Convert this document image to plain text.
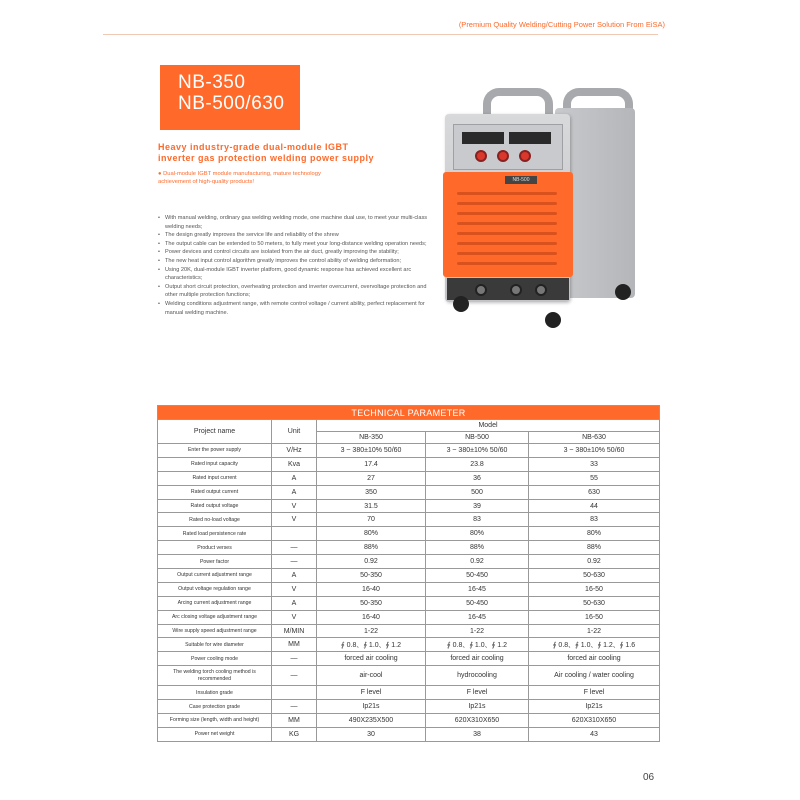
(Premium Quality Welding/Cutting Power Solution From EiSA)
NB-350
NB-500/630
Heavy industry-grade dual-module IGBT
inverter gas protection welding power supply
● Dual-module IGBT module manufacturing, mature technology
achievement of high-quality products!
• With manual welding, ordinary gas welding welding mode, one machine dual use, to meet your multi-class welding needs;
• The design greatly improves the service life and reliability of the shrew
• The output cable can be extended to 50 meters, to fully meet your long-distance welding operation needs;
• Power devices and control circuits are isolated from the air duct, greatly improving the stability;
• The new heat input control algorithm greatly improves the control ability of welding deformation;
• Using 20K, dual-module IGBT inverter platform, good dynamic response has achieved excellent arc characteristics;
• Output short circuit protection, overheating protection and inverter overcurrent, overvoltage protection and other multiple protection functions;
• Welding conditions adjustment range, with remote control voltage / current ability, perfect replacement for manual welding machine.
NB-500
TECHNICAL PARAMETER				
Project name	Unit	Model		
		NB-350	NB-500	NB-630
Enter the power supply	V/Hz	3 ~ 380±10% 50/60	3 ~ 380±10% 50/60	3 ~ 380±10% 50/60
Rated input capacity	Kva	17.4	23.8	33
Rated input current	A	27	36	55
Rated output current	A	350	500	630
Rated output voltage	V	31.5	39	44
Rated no-load voltage	V	70	83	83
Rated load persistence rate		80%	80%	80%
Product verses	—	88%	88%	88%
Power factor	—	0.92	0.92	0.92
Output current adjustment range	A	50-350	50-450	50-630
Output voltage regulation range	V	16-40	16-45	16-50
Arcing current adjustment range	A	50-350	50-450	50-630
Arc closing voltage adjustment range	V	16-40	16-45	16-50
Wire supply speed adjustment range	M/MIN	1-22	1-22	1-22
Suitable for wire diameter	MM	∮ 0.8、∮ 1.0、∮ 1.2	∮ 0.8、∮ 1.0、∮ 1.2	∮ 0.8、∮ 1.0、∮ 1.2、∮ 1.6
Power cooling mode	—	forced air cooling	forced air cooling	forced air cooling
The welding torch cooling method is recommended	—	air-cool	hydrocooling	Air cooling / water cooling
Insulation grade		F level	F level	F level
Case protection grade	—	Ip21s	Ip21s	Ip21s
Forming size (length, width and height)	MM	490X235X500	620X310X650	620X310X650
Power net weight	KG	30	38	43
06
